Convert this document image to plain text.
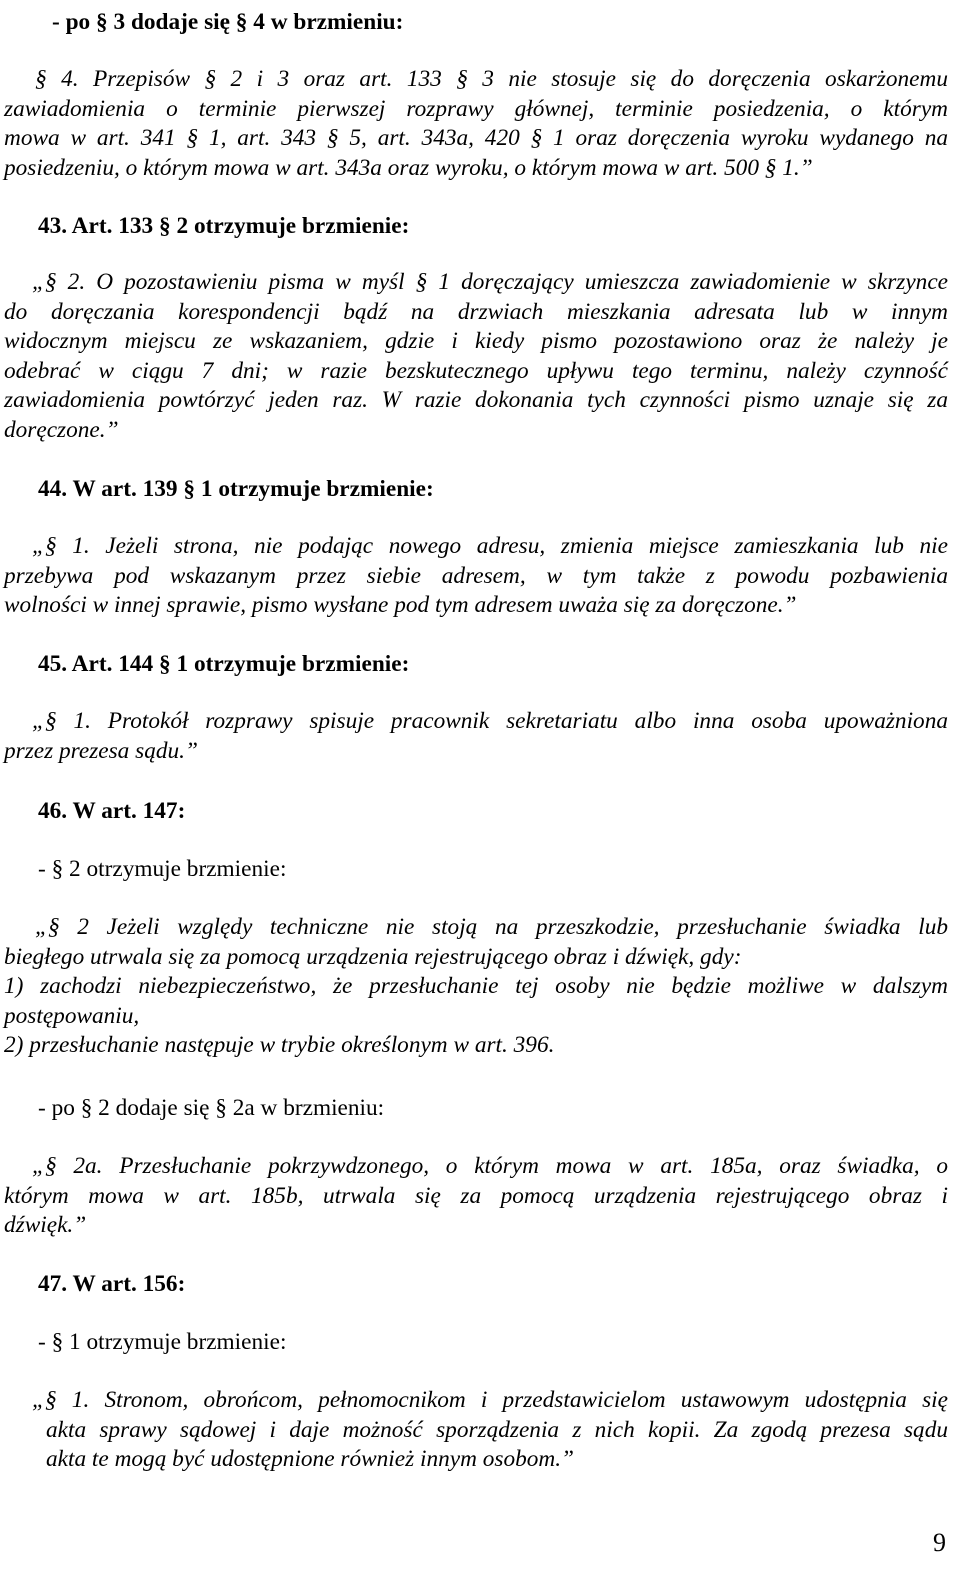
- po § 3 dodaje się § 4 w brzmieniu:

§ 4. Przepisów § 2 i 3 oraz art. 133 § 3 nie stosuje się do doręczenia oskarżonemu
zawiadomienia o terminie pierwszej rozprawy głównej, terminie posiedzenia, o którym
mowa w art. 341 § 1, art. 343 § 5, art. 343a, 420 § 1 oraz doręczenia wyroku wydanego na
posiedzeniu, o którym mowa w art. 343a oraz wyroku, o którym mowa w art. 500 § 1.”

43. Art. 133 § 2 otrzymuje brzmienie:

„§ 2. O pozostawieniu pisma w myśl § 1 doręczający umieszcza zawiadomienie w skrzynce
do doręczania korespondencji bądź na drzwiach mieszkania adresata lub w innym
widocznym miejscu ze wskazaniem, gdzie i kiedy pismo pozostawiono oraz że należy je
odebrać w ciągu 7 dni; w razie bezskutecznego upływu tego terminu, należy czynność
zawiadomienia powtórzyć jeden raz. W razie dokonania tych czynności pismo uznaje się za
doręczone.”

44. W art. 139 § 1 otrzymuje brzmienie:

„§ 1. Jeżeli strona, nie podając nowego adresu, zmienia miejsce zamieszkania lub nie
przebywa pod wskazanym przez siebie adresem, w tym także z powodu pozbawienia
wolności w innej sprawie, pismo wysłane pod tym adresem uważa się za doręczone.”

45. Art. 144 § 1 otrzymuje brzmienie:

„§ 1. Protokół rozprawy spisuje pracownik sekretariatu albo inna osoba upoważniona
przez prezesa sądu.”

46. W art. 147:

- § 2 otrzymuje brzmienie:

„§ 2 Jeżeli względy techniczne nie stoją na przeszkodzie, przesłuchanie świadka lub
biegłego utrwala się za pomocą urządzenia rejestrującego obraz i dźwięk, gdy:
1) zachodzi niebezpieczeństwo, że przesłuchanie tej osoby nie będzie możliwe w dalszym
postępowaniu,
2) przesłuchanie następuje w trybie określonym w art. 396.

- po § 2 dodaje się § 2a w brzmieniu:

„§ 2a. Przesłuchanie pokrzywdzonego, o którym mowa w art. 185a, oraz świadka, o
którym mowa w art. 185b, utrwala się za pomocą urządzenia rejestrującego obraz i
dźwięk.”

47. W art. 156:

- § 1 otrzymuje brzmienie:

„§ 1. Stronom, obrońcom, pełnomocnikom i przedstawicielom ustawowym udostępnia się
akta sprawy sądowej i daje możność sporządzenia z nich kopii. Za zgodą prezesa sądu
akta te mogą być udostępnione również innym osobom.”
9
